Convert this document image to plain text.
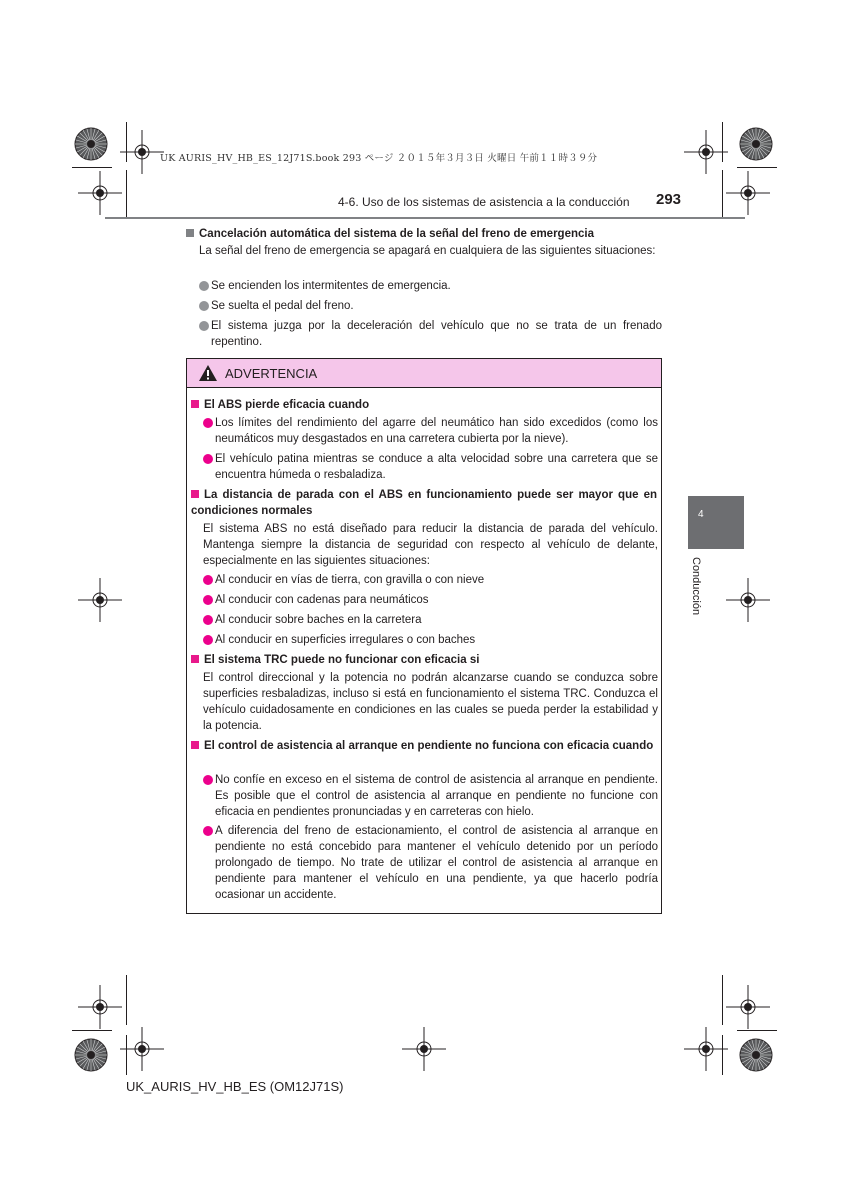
UK AURIS_HV_HB_ES_12J71S.book 293 ページ ２０１５年３月３日 火曜日 午前１１時３９分
4-6. Uso de los sistemas de asistencia a la conducción 293
Cancelación automática del sistema de la señal del freno de emergencia
La señal del freno de emergencia se apagará en cualquiera de las siguientes situaciones:
Se encienden los intermitentes de emergencia.
Se suelta el pedal del freno.
El sistema juzga por la deceleración del vehículo que no se trata de un frenado repentino.
ADVERTENCIA
El ABS pierde eficacia cuando
Los límites del rendimiento del agarre del neumático han sido excedidos (como los neumáticos muy desgastados en una carretera cubierta por la nieve).
El vehículo patina mientras se conduce a alta velocidad sobre una carretera que se encuentra húmeda o resbaladiza.
La distancia de parada con el ABS en funcionamiento puede ser mayor que en condiciones normales
El sistema ABS no está diseñado para reducir la distancia de parada del vehículo. Mantenga siempre la distancia de seguridad con respecto al vehículo de delante, especialmente en las siguientes situaciones:
Al conducir en vías de tierra, con gravilla o con nieve
Al conducir con cadenas para neumáticos
Al conducir sobre baches en la carretera
Al conducir en superficies irregulares o con baches
El sistema TRC puede no funcionar con eficacia si
El control direccional y la potencia no podrán alcanzarse cuando se conduzca sobre superficies resbaladizas, incluso si está en funcionamiento el sistema TRC. Conduzca el vehículo cuidadosamente en condiciones en las cuales se pueda perder la estabilidad y la potencia.
El control de asistencia al arranque en pendiente no funciona con eficacia cuando
No confíe en exceso en el sistema de control de asistencia al arranque en pendiente. Es posible que el control de asistencia al arranque en pendiente no funcione con eficacia en pendientes pronunciadas y en carreteras con hielo.
A diferencia del freno de estacionamiento, el control de asistencia al arranque en pendiente no está concebido para mantener el vehículo detenido por un período prolongado de tiempo. No trate de utilizar el control de asistencia al arranque en pendiente para mantener el vehículo en una pendiente, ya que hacerlo podría ocasionar un accidente.
4
Conducción
UK_AURIS_HV_HB_ES (OM12J71S)
